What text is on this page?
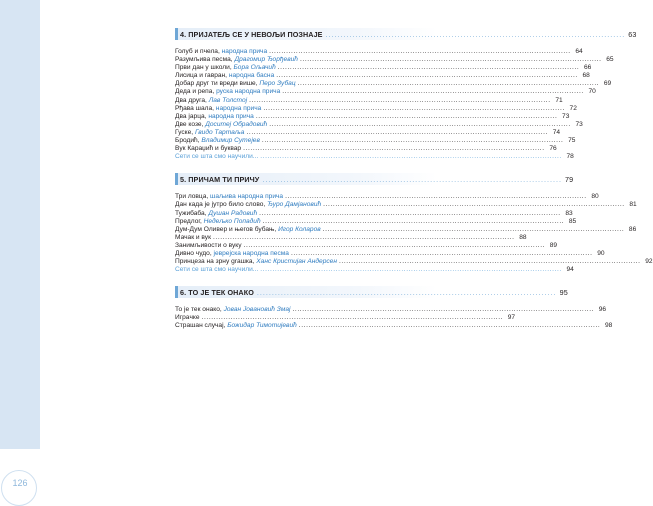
126
4. ПРИЈАТЕЉ СЕ У НЕВОЉИ ПОЗНАЈЕ .....	63
Голуб и пчела, народна прича .....	64
Разумљива песма, Драгомир Ђорђевић .....	65
Први дан у школи, Бора Ољачић .....	66
Лисица и гавран, народна басна .....	68
Добар друг ти вреди више, Перо Зубац .....	69
Деда и репа, руска народна прича .....	70
Два друга, Лав Толстој .....	71
Рђава шала, народна прича .....	72
Два јарца, народна прича .....	73
Две козе, Доситеј Обрадовић .....	73
Гуске, Гвидо Тартаља .....	74
Бродић, Владимир Сутејев .....	75
Вук Караџић и буквар .....	76
Сети се шта смо научили... .....	78
5. ПРИЧАМ ТИ ПРИЧУ .....	79
Три ловца, шаљива народна прича .....	80
Дан када је јутро било слово, Ђуро Дамјановић .....	81
Тужибаба, Душан Радовић .....	83
Предлог, Недељко Попадић .....	85
Дум-Дум Оливер и његов бубањ, Игор Коларов .....	86
Мачак и вук .....	88
Занимљивости о вуку .....	89
Дивно чудо, јеврејска народна песма .....	90
Принцеза на зрну graшка, Ханс Кристијан Андерсен .....	92
Сети се шта смо научили... .....	94
6. ТО ЈЕ ТЕК ОНАКО .....	95
То је тек онако, Јован Јовановић Змај .....	96
Игрaчке .....	97
Страшан случај, Божидар Тимотијевић .....	98
